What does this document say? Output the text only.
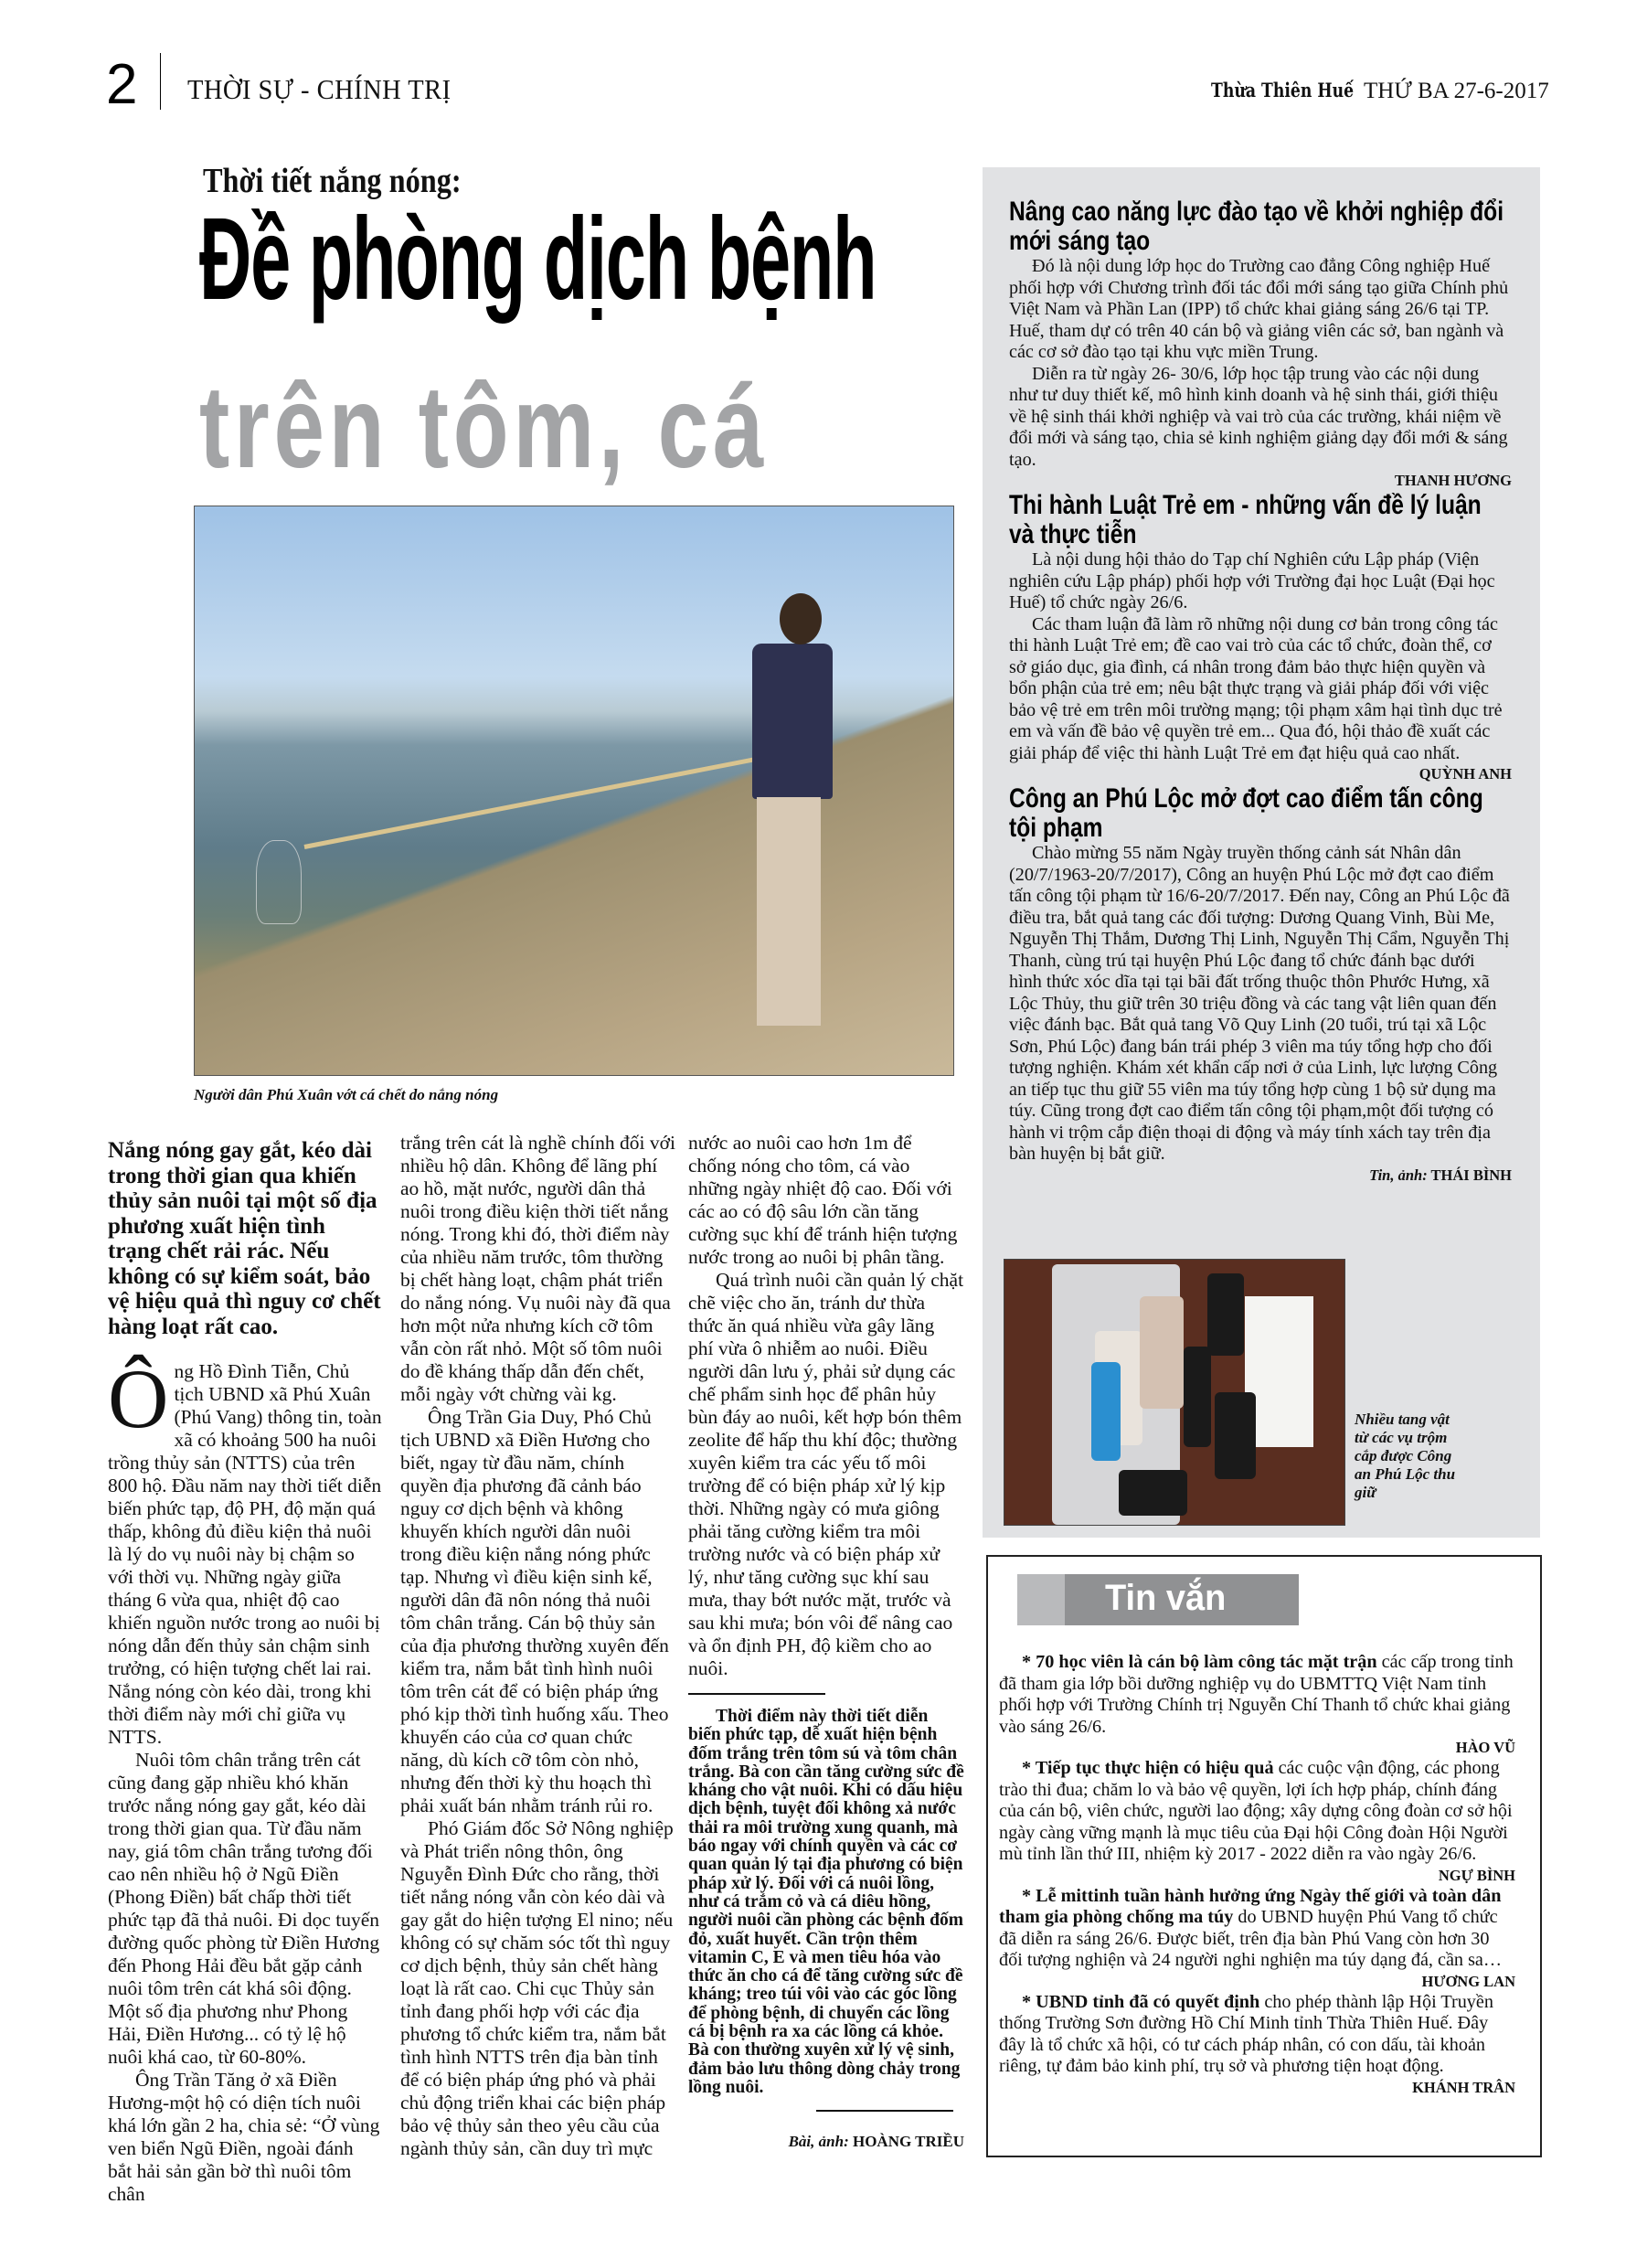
2 THỜI SỰ - CHÍNH TRỊ	Thừa Thiên Huế THỨ BA 27-6-2017
Thời tiết nắng nóng:
Đề phòng dịch bệnh
trên tôm, cá
Người dân Phú Xuân vớt cá chết do nắng nóng
Nắng nóng gay gắt, kéo dài trong thời gian qua khiến thủy sản nuôi tại một số địa phương xuất hiện tình trạng chết rải rác. Nếu không có sự kiểm soát, bảo vệ hiệu quả thì nguy cơ chết hàng loạt rất cao.

Ông Hồ Đình Tiễn, Chủ tịch UBND xã Phú Xuân (Phú Vang) thông tin, toàn xã có khoảng 500 ha nuôi trồng thủy sản (NTTS) của trên 800 hộ. Đầu năm nay thời tiết diễn biến phức tạp, độ PH, độ mặn quá thấp, không đủ điều kiện thả nuôi là lý do vụ nuôi này bị chậm so với thời vụ. Những ngày giữa tháng 6 vừa qua, nhiệt độ cao khiến nguồn nước trong ao nuôi bị nóng dẫn đến thủy sản chậm sinh trưởng, có hiện tượng chết lai rai. Nắng nóng còn kéo dài, trong khi thời điểm này mới chỉ giữa vụ NTTS.

Nuôi tôm chân trắng trên cát cũng đang gặp nhiều khó khăn trước nắng nóng gay gắt, kéo dài trong thời gian qua. Từ đầu năm nay, giá tôm chân trắng tương đối cao nên nhiều hộ ở Ngũ Điền (Phong Điền) bất chấp thời tiết phức tạp đã thả nuôi. Đi dọc tuyến đường quốc phòng từ Điền Hương đến Phong Hải đều bắt gặp cảnh nuôi tôm trên cát khá sôi động. Một số địa phương như Phong Hải, Điền Hương... có tỷ lệ hộ nuôi khá cao, từ 60-80%.

Ông Trần Tăng ở xã Điền Hương-một hộ có diện tích nuôi khá lớn gần 2 ha, chia sẻ: “Ở vùng ven biển Ngũ Điền, ngoài đánh bắt hải sản gần bờ thì nuôi tôm chân

trắng trên cát là nghề chính đối với nhiều hộ dân. Không để lãng phí ao hồ, mặt nước, người dân thả nuôi trong điều kiện thời tiết nắng nóng. Trong khi đó, thời điểm này của nhiều năm trước, tôm thường bị chết hàng loạt, chậm phát triển do nắng nóng. Vụ nuôi này đã qua hơn một nửa nhưng kích cỡ tôm vẫn còn rất nhỏ. Một số tôm nuôi do đề kháng thấp dẫn đến chết, mỗi ngày vớt chừng vài kg.

Ông Trần Gia Duy, Phó Chủ tịch UBND xã Điền Hương cho biết, ngay từ đầu năm, chính quyền địa phương đã cảnh báo nguy cơ dịch bệnh và không khuyến khích người dân nuôi trong điều kiện nắng nóng phức tạp. Nhưng vì điều kiện sinh kế, người dân đã nôn nóng thả nuôi tôm chân trắng. Cán bộ thủy sản của địa phương thường xuyên đến kiểm tra, nắm bắt tình hình nuôi tôm trên cát để có biện pháp ứng phó kịp thời tình huống xấu. Theo khuyến cáo của cơ quan chức năng, dù kích cỡ tôm còn nhỏ, nhưng đến thời kỳ thu hoạch thì phải xuất bán nhằm tránh rủi ro.

Phó Giám đốc Sở Nông nghiệp và Phát triển nông thôn, ông Nguyễn Đình Đức cho rằng, thời tiết nắng nóng vẫn còn kéo dài và gay gắt do hiện tượng El nino; nếu không có sự chăm sóc tốt thì nguy cơ dịch bệnh, thủy sản chết hàng loạt là rất cao. Chi cục Thủy sản tỉnh đang phối hợp với các địa phương tổ chức kiểm tra, nắm bắt tình hình NTTS trên địa bàn tỉnh để có biện pháp ứng phó và phải chủ động triển khai các biện pháp bảo vệ thủy sản theo yêu cầu của ngành thủy sản, cần duy trì mực

nước ao nuôi cao hơn 1m để chống nóng cho tôm, cá vào những ngày nhiệt độ cao. Đối với các ao có độ sâu lớn cần tăng cường sục khí để tránh hiện tượng nước trong ao nuôi bị phân tầng.

Quá trình nuôi cần quản lý chặt chẽ việc cho ăn, tránh dư thừa thức ăn quá nhiều vừa gây lãng phí vừa ô nhiễm ao nuôi. Điều người dân lưu ý, phải sử dụng các chế phẩm sinh học để phân hủy bùn đáy ao nuôi, kết hợp bón thêm zeolite để hấp thu khí độc; thường xuyên kiểm tra các yếu tố môi trường để có biện pháp xử lý kịp thời. Những ngày có mưa giông phải tăng cường kiểm tra môi trường nước và có biện pháp xử lý, như tăng cường sục khí sau mưa, thay bớt nước mặt, trước và sau khi mưa; bón vôi để nâng cao và ổn định PH, độ kiềm cho ao nuôi.

Thời điểm này thời tiết diễn biến phức tạp, dễ xuất hiện bệnh đốm trắng trên tôm sú và tôm chân trắng. Bà con cần tăng cường sức đề kháng cho vật nuôi. Khi có dấu hiệu dịch bệnh, tuyệt đối không xả nước thải ra môi trường xung quanh, mà báo ngay với chính quyền và các cơ quan quản lý tại địa phương có biện pháp xử lý. Đối với cá nuôi lồng, như cá trắm cỏ và cá diêu hồng, người nuôi cần phòng các bệnh đốm đỏ, xuất huyết. Cần trộn thêm vitamin C, E và men tiêu hóa vào thức ăn cho cá để tăng cường sức đề kháng; treo túi vôi vào các góc lồng để phòng bệnh, di chuyển các lồng cá bị bệnh ra xa các lồng cá khỏe. Bà con thường xuyên xử lý vệ sinh, đảm bảo lưu thông dòng chảy trong lồng nuôi.

Bài, ảnh: HOÀNG TRIỀU
Nâng cao năng lực đào tạo về khởi nghiệp đổi mới sáng tạo

Đó là nội dung lớp học do Trường cao đẳng Công nghiệp Huế phối hợp với Chương trình đối tác đổi mới sáng tạo giữa Chính phủ Việt Nam và Phần Lan (IPP) tổ chức khai giảng sáng 26/6 tại TP. Huế, tham dự có trên 40 cán bộ và giảng viên các sở, ban ngành và các cơ sở đào tạo tại khu vực miền Trung.

Diễn ra từ ngày 26- 30/6, lớp học tập trung vào các nội dung như tư duy thiết kế, mô hình kinh doanh và hệ sinh thái, giới thiệu về hệ sinh thái khởi nghiệp và vai trò của các trường, khái niệm về đổi mới và sáng tạo, chia sẻ kinh nghiệm giảng dạy đổi mới & sáng tạo.

THANH HƯƠNG
Thi hành Luật Trẻ em - những vấn đề lý luận và thực tiễn

Là nội dung hội thảo do Tạp chí Nghiên cứu Lập pháp (Viện nghiên cứu Lập pháp) phối hợp với Trường đại học Luật (Đại học Huế) tổ chức ngày 26/6.

Các tham luận đã làm rõ những nội dung cơ bản trong công tác thi hành Luật Trẻ em; đề cao vai trò của các tổ chức, đoàn thể, cơ sở giáo dục, gia đình, cá nhân trong đảm bảo thực hiện quyền và bổn phận của trẻ em; nêu bật thực trạng và giải pháp đối với việc bảo vệ trẻ em trên môi trường mạng; tội phạm xâm hại tình dục trẻ em và vấn đề bảo vệ quyền trẻ em... Qua đó, hội thảo đề xuất các giải pháp để việc thi hành Luật Trẻ em đạt hiệu quả cao nhất.

QUỲNH ANH
Công an Phú Lộc mở đợt cao điểm tấn công tội phạm

Chào mừng 55 năm Ngày truyền thống cảnh sát Nhân dân (20/7/1963-20/7/2017), Công an huyện Phú Lộc mở đợt cao điểm tấn công tội phạm từ 16/6-20/7/2017. Đến nay, Công an Phú Lộc đã điều tra, bắt quả tang các đối tượng: Dương Quang Vinh, Bùi Me, Nguyễn Thị Thắm, Dương Thị Linh, Nguyễn Thị Cẩm, Nguyễn Thị Thanh, cùng trú tại huyện Phú Lộc đang tổ chức đánh bạc dưới hình thức xóc dĩa tại tại bãi đất trống thuộc thôn Phước Hưng, xã Lộc Thủy, thu giữ trên 30 triệu đồng và các tang vật liên quan đến việc đánh bạc. Bắt quả tang Võ Quy Linh (20 tuổi, trú tại xã Lộc Sơn, Phú Lộc) đang bán trái phép 3 viên ma túy tổng hợp cho đối tượng nghiện. Khám xét khẩn cấp nơi ở của Linh, lực lượng Công an tiếp tục thu giữ 55 viên ma túy tổng hợp cùng 1 bộ sử dụng ma túy. Cũng trong đợt cao điểm tấn công tội phạm,một đối tượng có hành vi trộm cắp điện thoại di động và máy tính xách tay trên địa bàn huyện bị bắt giữ.

Tin, ảnh: THÁI BÌNH
Nhiều tang vật từ các vụ trộm cắp được Công an Phú Lộc thu giữ
Tin vắn

* 70 học viên là cán bộ làm công tác mặt trận các cấp trong tỉnh đã tham gia lớp bồi dưỡng nghiệp vụ do UBMTTQ Việt Nam tỉnh phối hợp với Trường Chính trị Nguyễn Chí Thanh tổ chức khai giảng vào sáng 26/6.

HÀO VŨ

* Tiếp tục thực hiện có hiệu quả các cuộc vận động, các phong trào thi đua; chăm lo và bảo vệ quyền, lợi ích hợp pháp, chính đáng của cán bộ, viên chức, người lao động; xây dựng công đoàn cơ sở hội ngày càng vững mạnh là mục tiêu của Đại hội Công đoàn Hội Người mù tỉnh lần thứ III, nhiệm kỳ 2017 - 2022 diễn ra vào ngày 26/6.

NGỰ BÌNH

* Lễ mittinh tuần hành hưởng ứng Ngày thế giới và toàn dân tham gia phòng chống ma túy do UBND huyện Phú Vang tổ chức đã diễn ra sáng 26/6. Được biết, trên địa bàn Phú Vang còn hơn 30 đối tượng nghiện và 24 người nghi nghiện ma túy dạng đá, cần sa…

HƯƠNG LAN

* UBND tỉnh đã có quyết định cho phép thành lập Hội Truyền thống Trường Sơn đường Hồ Chí Minh tỉnh Thừa Thiên Huế. Đây đây là tổ chức xã hội, có tư cách pháp nhân, có con dấu, tài khoản riêng, tự đảm bảo kinh phí, trụ sở và phương tiện hoạt động.

KHÁNH TRÂN
